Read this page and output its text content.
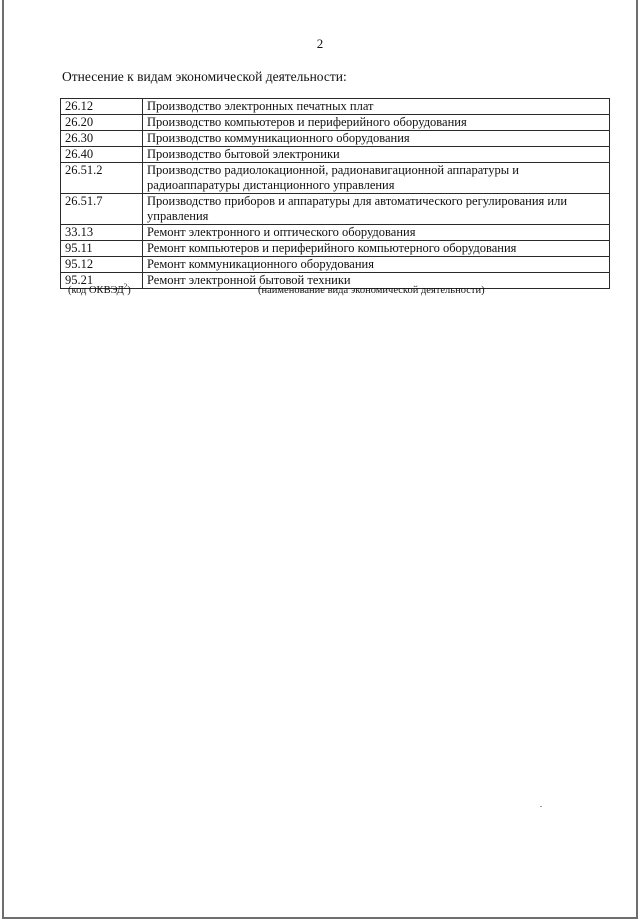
2
Отнесение к видам экономической деятельности:
26.12	Производство электронных печатных плат
26.20	Производство компьютеров и периферийного оборудования
26.30	Производство коммуникационного оборудования
26.40	Производство бытовой электроники
26.51.2	Производство радиолокационной, радионавигационной аппаратуры и радиоаппаратуры дистанционного управления
26.51.7	Производство приборов и аппаратуры для автоматического регулирования или управления
33.13	Ремонт электронного и оптического оборудования
95.11	Ремонт компьютеров и периферийного компьютерного оборудования
95.12	Ремонт коммуникационного оборудования
95.21	Ремонт электронной бытовой техники
(код ОКВЭД$^2$)	(наименование вида экономической деятельности)
